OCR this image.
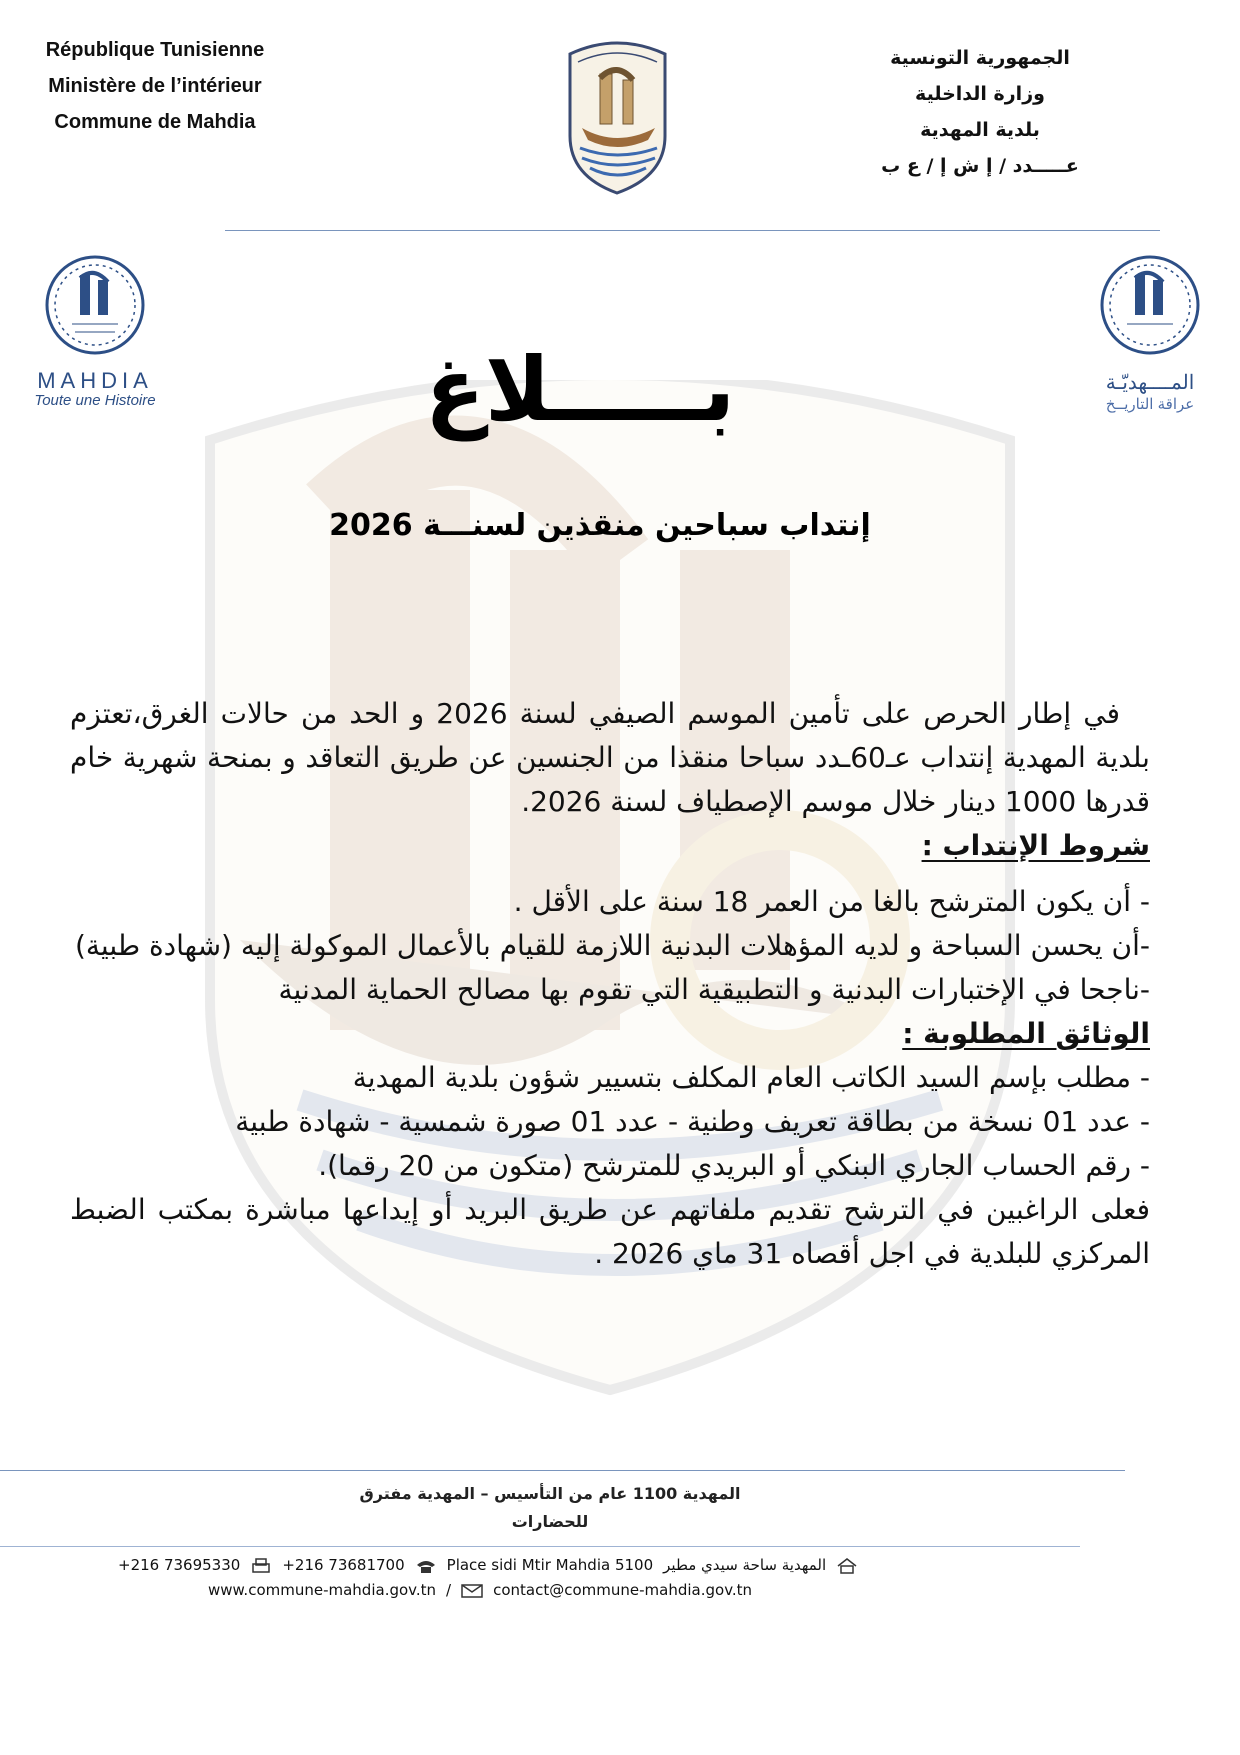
République Tunisienne
Ministère de l’intérieur
Commune de Mahdia
الجمهورية التونسية
وزارة الداخلية
بلدية المهدية
عـــــدد / إ ش إ / ع ب
MAHDIA
Toute une Histoire
المــــهديّـة
عراقة التاريــخ
بـــــلاغ
إنتداب سباحين منقذين لسنـــة 2026

في إطار الحرص على تأمين الموسم الصيفي لسنة 2026 و الحد من حالات الغرق،تعتزم بلدية المهدية إنتداب عـ60ـدد سباحا منقذا من الجنسين عن طريق التعاقد و بمنحة شهرية خام قدرها 1000 دينار خلال موسم الإصطياف لسنة 2026.

شروط الإنتداب :

- أن يكون المترشح بالغا من العمر 18 سنة على الأقل .

-أن يحسن السباحة و لديه المؤهلات البدنية اللازمة للقيام بالأعمال الموكولة إليه (شهادة طبية)

-ناجحا في الإختبارات البدنية و التطبيقية التي تقوم بها مصالح الحماية المدنية

الوثائق المطلوبة :

- مطلب بإسم السيد الكاتب العام المكلف بتسيير شؤون بلدية المهدية

- عدد 01 نسخة من بطاقة تعريف وطنية - عدد 01 صورة شمسية - شهادة طبية

- رقم الحساب الجاري البنكي أو البريدي للمترشح (متكون من 20 رقما).

فعلى الراغبين في الترشح تقديم ملفاتهم عن طريق البريد أو إيداعها مباشرة بمكتب الضبط المركزي للبلدية في اجل أقصاه 31 ماي 2026 .

المهدية 1100 عام من التأسيس – المهدية مفترق
للحضارات
+216 73695330	+216 73681700	Place sidi Mtir Mahdia 5100 المهدية ساحة سيدي مطير
www.commune-mahdia.gov.tn /	contact@commune-mahdia.gov.tn
